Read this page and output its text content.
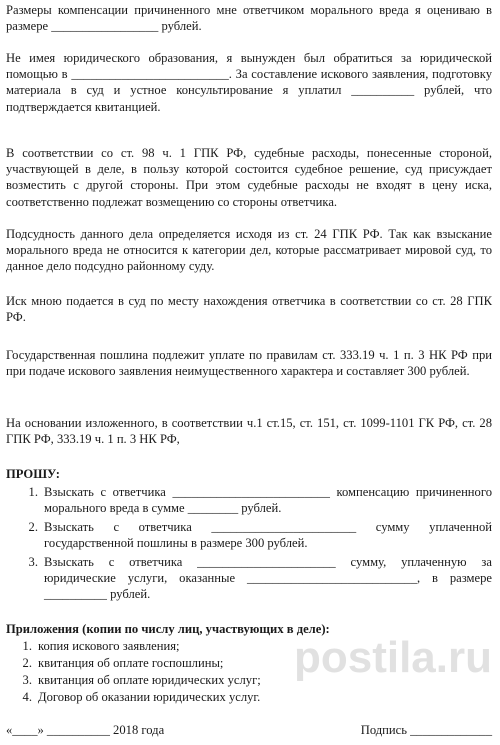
Размеры компенсации причиненного мне ответчиком морального вреда я оцениваю в размере _________________ рублей.

Не имея юридического образования, я вынужден был обратиться за юридической помощью в _________________________. За составление искового заявления, подготовку материала в суд и устное консультирование я уплатил __________ рублей, что подтверждается квитанцией.

В соответствии со ст. 98 ч. 1 ГПК РФ, судебные расходы, понесенные стороной, участвующей в деле, в пользу которой состоится судебное решение, суд присуждает возместить с другой стороны. При этом судебные расходы не входят в цену иска, соответственно подлежат возмещению со стороны ответчика.

Подсудность данного дела определяется исходя из ст. 24 ГПК РФ. Так как взыскание морального вреда не относится к категории дел, которые рассматривает мировой суд, то данное дело подсудно районному суду.

Иск мною подается в суд по месту нахождения ответчика в соответствии со ст. 28 ГПК РФ.

Государственная пошлина подлежит уплате по правилам ст. 333.19 ч. 1 п. 3 НК РФ при при подаче искового заявления неимущественного характера и составляет 300 рублей.

На основании изложенного, в соответствии ч.1 ст.15, ст. 151, ст. 1099-1101 ГК РФ, ст. 28 ГПК РФ, 333.19 ч. 1 п. 3 НК РФ,

ПРОШУ:

1. Взыскать с ответчика _________________________ компенсацию причиненного морального вреда в сумме ________ рублей.

2. Взыскать с ответчика _______________________ сумму уплаченной государственной пошлины в размере 300 рублей.

3. Взыскать с ответчика ______________________ сумму, уплаченную за юридические услуги, оказанные ___________________________, в размере __________ рублей.

Приложения (копии по числу лиц, участвующих в деле):

1. копия искового заявления;
2. квитанция об оплате госпошлины;
3. квитанция об оплате юридических услуг;
4. Договор об оказании юридических услуг.
postila.ru
«____» __________ 2018 года	Подпись _____________
